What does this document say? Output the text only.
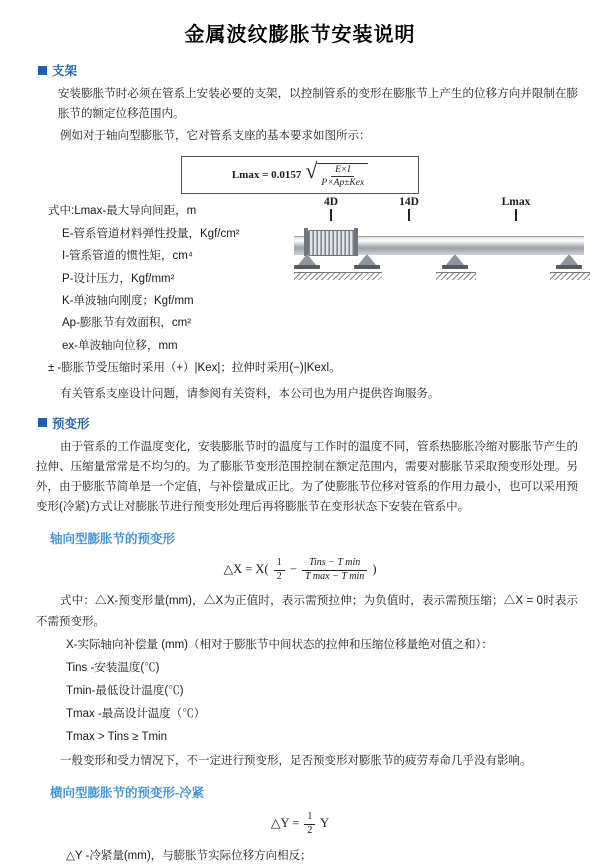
金属波纹膨胀节安装说明
支架
安装膨胀节时必须在管系上安装必要的支架，以控制管系的变形在膨胀节上产生的位移方向并限制在膨胀节的额定位移范围内。
例如对于轴向型膨胀节，它对管系支座的基本要求如图所示：
Lmax = 0.0157 √ $\frac{E\times I}{\text{P×Ap±Kex}}$
式中:Lmax-最大导向间距，m
E-管系管道材料弹性投量，Kgf/cm²
I-管系管道的惯性矩，cm⁴
P-设计压力，Kgf/mm²
K-单波轴向刚度；Kgf/mm
Ap-膨胀节有效面积，cm²
ex-单波轴向位移，mm
± -膨胀节受压缩时采用（+）|Kex|；拉伸时采用(−)|Kexl。
有关管系支座设计问题，请参阅有关资料，本公司也为用户提供咨询服务。
4D	14D	Lmax
预变形
由于管系的工作温度变化，安装膨胀节时的温度与工作时的温度不同，管系热膨胀冷缩对膨胀节产生的拉伸、压缩量常常是不均匀的。为了膨胀节变形范围控制在额定范围内，需要对膨胀节采取预变形处理。另外，由于膨胀节简单是一个定值，与补偿量成正比。为了使膨胀节位移对管系的作用力最小，也可以采用预变形(冷紧)方式让对膨胀节进行预变形处理后再将膨胀节在变形状态下安装在管系中。
轴向型膨胀节的预变形
△X = $X( \frac{1}{2} - \frac{\text{Tins − T min}}{\text{T max − T min}}$ )
式中：△X-预变形量(mm)，△X为正值时，表示需预拉伸；为负值时，表示需预压缩；△X = 0时表示不需预变形。
X-实际轴向补偿量 (mm)（相对于膨胀节中间状态的拉伸和压缩位移量绝对值之和）：
Tins -安装温度(℃)
Tmin-最低设计温度(℃)
Tmax -最高设计温度（℃）
Tmax > Tins ≥ Tmin
一般变形和受力情况下，不一定进行预变形，足否预变形对膨胀节的疲劳寿命几乎没有影响。
横向型膨胀节的预变形-冷紧
△Y = $\frac{1}{2}$ Y
△Y -冷紧量(mm)，与膨胀节实际位移方向相反；
